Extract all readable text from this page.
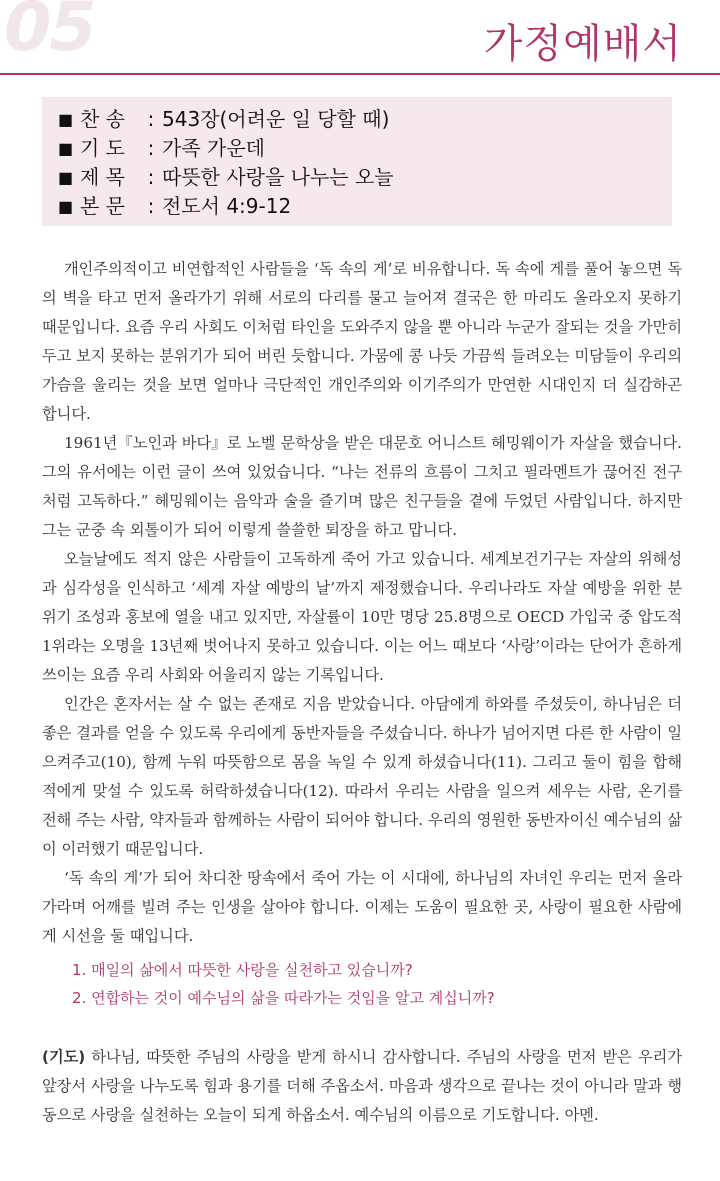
05	가정예배서
■ 찬 송	: 543장(어려운 일 당할 때)
■ 기 도	: 가족 가운데
■ 제 목	: 따뜻한 사랑을 나누는 오늘
■ 본 문	: 전도서 4:9-12

개인주의적이고 비연합적인 사람들을 ‘독 속의 게’로 비유합니다. 독 속에 게를 풀어 놓으면 독의 벽을 타고 먼저 올라가기 위해 서로의 다리를 물고 늘어져 결국은 한 마리도 올라오지 못하기 때문입니다. 요즘 우리 사회도 이처럼 타인을 도와주지 않을 뿐 아니라 누군가 잘되는 것을 가만히 두고 보지 못하는 분위기가 되어 버린 듯합니다. 가뭄에 콩 나듯 가끔씩 들려오는 미담들이 우리의 가슴을 울리는 것을 보면 얼마나 극단적인 개인주의와 이기주의가 만연한 시대인지 더 실감하곤 합니다.

1961년『노인과 바다』로 노벨 문학상을 받은 대문호 어니스트 헤밍웨이가 자살을 했습니다. 그의 유서에는 이런 글이 쓰여 있었습니다. “나는 전류의 흐름이 그치고 필라멘트가 끊어진 전구처럼 고독하다.” 헤밍웨이는 음악과 술을 즐기며 많은 친구들을 곁에 두었던 사람입니다. 하지만 그는 군중 속 외톨이가 되어 이렇게 쓸쓸한 퇴장을 하고 맙니다.

오늘날에도 적지 않은 사람들이 고독하게 죽어 가고 있습니다. 세계보건기구는 자살의 위해성과 심각성을 인식하고 ‘세계 자살 예방의 날’까지 제정했습니다. 우리나라도 자살 예방을 위한 분위기 조성과 홍보에 열을 내고 있지만, 자살률이 10만 명당 25.8명으로 OECD 가입국 중 압도적 1위라는 오명을 13년째 벗어나지 못하고 있습니다. 이는 어느 때보다 ‘사랑’이라는 단어가 흔하게 쓰이는 요즘 우리 사회와 어울리지 않는 기록입니다.

인간은 혼자서는 살 수 없는 존재로 지음 받았습니다. 아담에게 하와를 주셨듯이, 하나님은 더 좋은 결과를 얻을 수 있도록 우리에게 동반자들을 주셨습니다. 하나가 넘어지면 다른 한 사람이 일으켜주고(10), 함께 누워 따뜻함으로 몸을 녹일 수 있게 하셨습니다(11). 그리고 둘이 힘을 합해 적에게 맞설 수 있도록 허락하셨습니다(12). 따라서 우리는 사람을 일으켜 세우는 사람, 온기를 전해 주는 사람, 약자들과 함께하는 사람이 되어야 합니다. 우리의 영원한 동반자이신 예수님의 삶이 이러했기 때문입니다.

‘독 속의 게’가 되어 차디찬 땅속에서 죽어 가는 이 시대에, 하나님의 자녀인 우리는 먼저 올라가라며 어깨를 빌려 주는 인생을 살아야 합니다. 이제는 도움이 필요한 곳, 사랑이 필요한 사람에게 시선을 둘 때입니다.

1. 매일의 삶에서 따뜻한 사랑을 실천하고 있습니까?
2. 연합하는 것이 예수님의 삶을 따라가는 것임을 알고 계십니까?
(기도) 하나님, 따뜻한 주님의 사랑을 받게 하시니 감사합니다. 주님의 사랑을 먼저 받은 우리가 앞장서 사랑을 나누도록 힘과 용기를 더해 주옵소서. 마음과 생각으로 끝나는 것이 아니라 말과 행동으로 사랑을 실천하는 오늘이 되게 하옵소서. 예수님의 이름으로 기도합니다. 아멘.
